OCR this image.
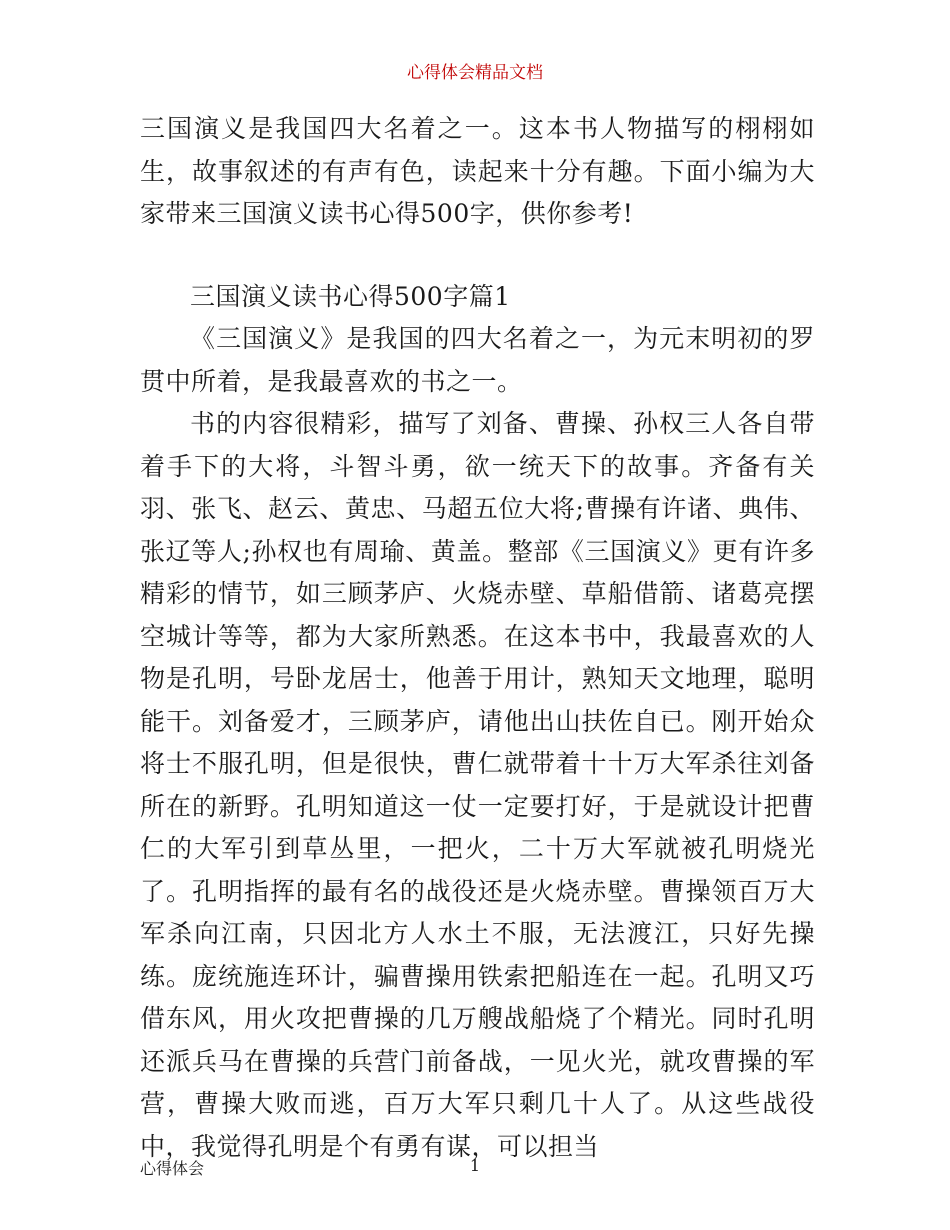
心得体会精品文档

三国演义是我国四大名着之一。这本书人物描写的栩栩如生，故事叙述的有声有色，读起来十分有趣。下面小编为大家带来三国演义读书心得500字，供你参考!

三国演义读书心得500字篇1

《三国演义》是我国的四大名着之一，为元末明初的罗贯中所着，是我最喜欢的书之一。

书的内容很精彩，描写了刘备、曹操、孙权三人各自带着手下的大将，斗智斗勇，欲一统天下的故事。齐备有关羽、张飞、赵云、黄忠、马超五位大将;曹操有许诸、典伟、张辽等人;孙权也有周瑜、黄盖。整部《三国演义》更有许多精彩的情节，如三顾茅庐、火烧赤壁、草船借箭、诸葛亮摆空城计等等，都为大家所熟悉。在这本书中，我最喜欢的人物是孔明，号卧龙居士，他善于用计，熟知天文地理，聪明能干。刘备爱才，三顾茅庐，请他出山扶佐自已。刚开始众将士不服孔明，但是很快，曹仁就带着十十万大军杀往刘备所在的新野。孔明知道这一仗一定要打好，于是就设计把曹仁的大军引到草丛里，一把火，二十万大军就被孔明烧光了。孔明指挥的最有名的战役还是火烧赤壁。曹操领百万大军杀向江南，只因北方人水土不服，无法渡江，只好先操练。庞统施连环计，骗曹操用铁索把船连在一起。孔明又巧借东风，用火攻把曹操的几万艘战船烧了个精光。同时孔明还派兵马在曹操的兵营门前备战，一见火光，就攻曹操的军营，曹操大败而逃，百万大军只剩几十人了。从这些战役中，我觉得孔明是个有勇有谋，可以担当

心得体会	1
